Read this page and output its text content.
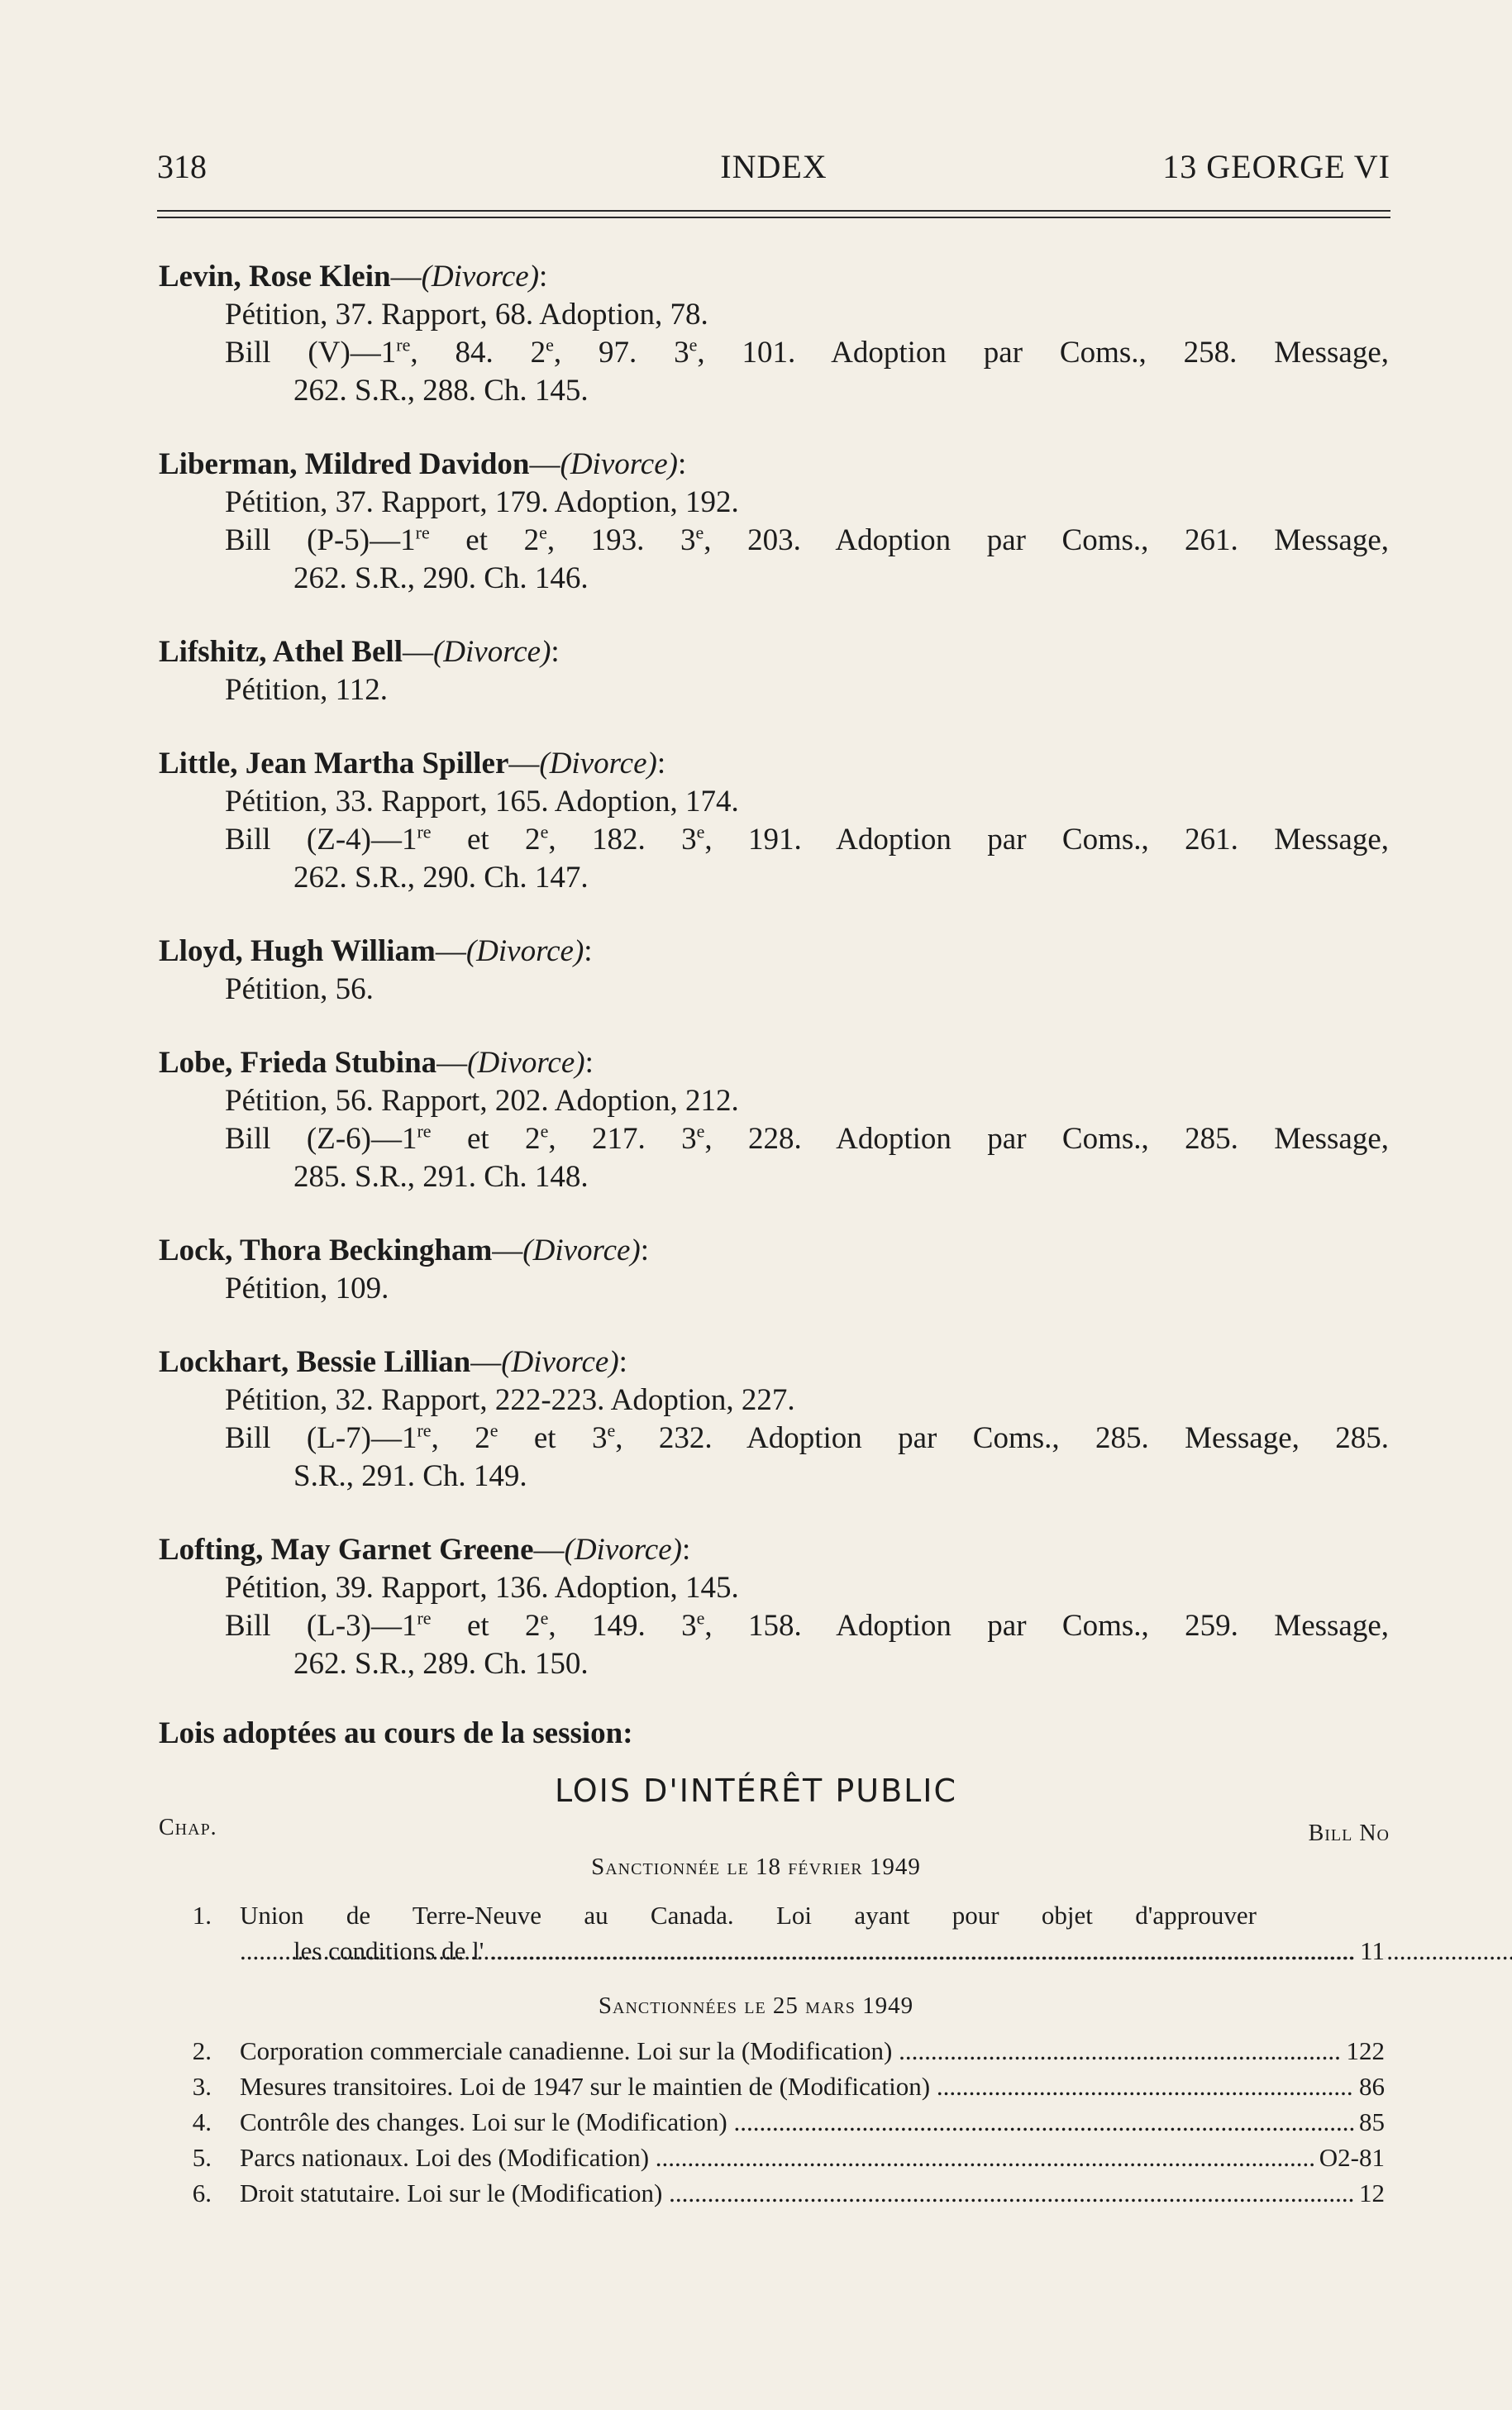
318	INDEX	13 GEORGE VI
Levin, Rose Klein—(Divorce):
Pétition, 37. Rapport, 68. Adoption, 78.
Bill (V)—1re, 84. 2e, 97. 3e, 101. Adoption par Coms., 258. Message,
262. S.R., 288. Ch. 145.
Liberman, Mildred Davidon—(Divorce):
Pétition, 37. Rapport, 179. Adoption, 192.
Bill (P-5)—1re et 2e, 193. 3e, 203. Adoption par Coms., 261. Message,
262. S.R., 290. Ch. 146.
Lifshitz, Athel Bell—(Divorce):
Pétition, 112.
Little, Jean Martha Spiller—(Divorce):
Pétition, 33. Rapport, 165. Adoption, 174.
Bill (Z-4)—1re et 2e, 182. 3e, 191. Adoption par Coms., 261. Message,
262. S.R., 290. Ch. 147.
Lloyd, Hugh William—(Divorce):
Pétition, 56.
Lobe, Frieda Stubina—(Divorce):
Pétition, 56. Rapport, 202. Adoption, 212.
Bill (Z-6)—1re et 2e, 217. 3e, 228. Adoption par Coms., 285. Message,
285. S.R., 291. Ch. 148.
Lock, Thora Beckingham—(Divorce):
Pétition, 109.
Lockhart, Bessie Lillian—(Divorce):
Pétition, 32. Rapport, 222-223. Adoption, 227.
Bill (L-7)—1re, 2e et 3e, 232. Adoption par Coms., 285. Message, 285.
S.R., 291. Ch. 149.
Lofting, May Garnet Greene—(Divorce):
Pétition, 39. Rapport, 136. Adoption, 145.
Bill (L-3)—1re et 2e, 149. 3e, 158. Adoption par Coms., 259. Message,
262. S.R., 289. Ch. 150.
Lois adoptées au cours de la session:
LOIS D'INTÉRÊT PUBLIC
Chap.	Bill No
Sanctionnée le 18 février 1949
1. Union de Terre-Neuve au Canada. Loi ayant pour objet d'approuver .....
les conditions de l' .....	11
Sanctionnées le 25 mars 1949
2. Corporation commerciale canadienne. Loi sur la (Modification) .....	122
3. Mesures transitoires. Loi de 1947 sur le maintien de (Modification) .....	86
4. Contrôle des changes. Loi sur le (Modification) .....	85
5. Parcs nationaux. Loi des (Modification) .....	O2-81
6. Droit statutaire. Loi sur le (Modification) .....	12
